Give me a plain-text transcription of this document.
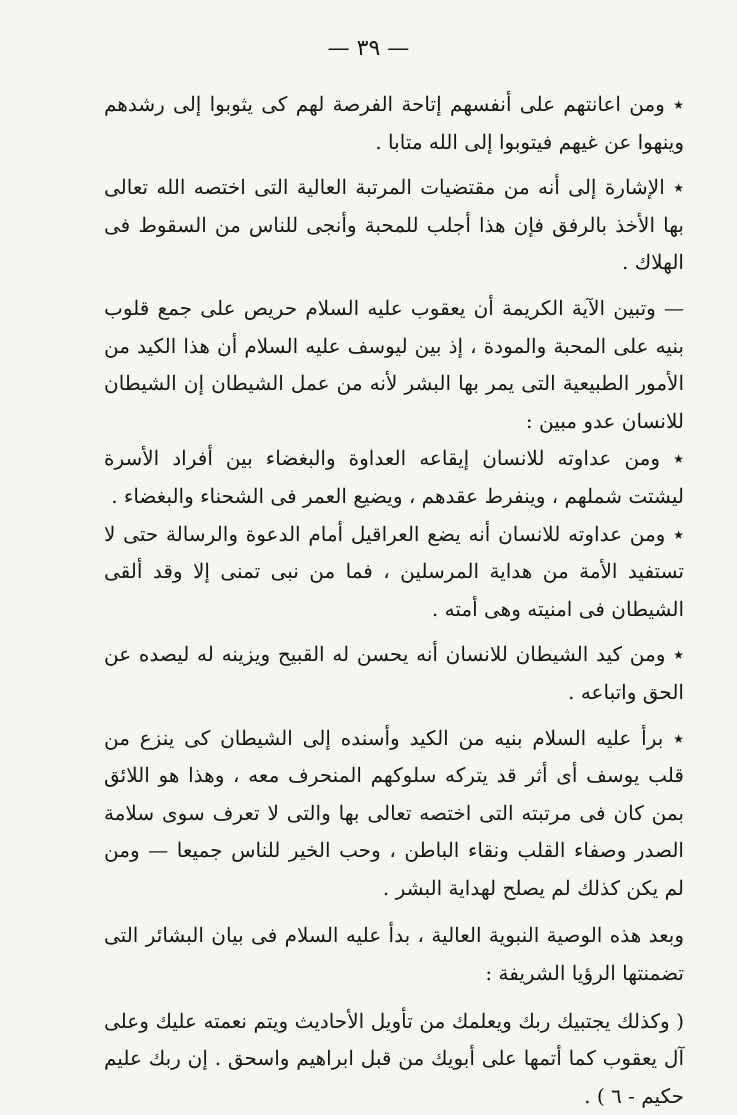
— ٣٩ —

٭ ومن اعانتهم على أنفسهم إتاحة الفرصة لهم كى يثوبوا إلى رشدهم وينهوا عن غيهم فيتوبوا إلى الله متابا .

٭ الإشارة إلى أنه من مقتضيات المرتبة العالية التى اختصه الله تعالى بها الأخذ بالرفق فإن هذا أجلب للمحبة وأنجى للناس من السقوط فى الهلاك .

— وتبين الآية الكريمة أن يعقوب عليه السلام حريص على جمع قلوب بنيه على المحبة والمودة ، إذ بين ليوسف عليه السلام أن هذا الكيد من الأمور الطبيعية التى يمر بها البشر لأنه من عمل الشيطان إن الشيطان للانسان عدو مبين :

٭ ومن عداوته للانسان إيقاعه العداوة والبغضاء بين أفراد الأسرة ليشتت شملهم ، وينفرط عقدهم ، ويضيع العمر فى الشحناء والبغضاء .

٭ ومن عداوته للانسان أنه يضع العراقيل أمام الدعوة والرسالة حتى لا تستفيد الأمة من هداية المرسلين ، فما من نبى تمنى إلا وقد ألقى الشيطان فى امنيته وهى أمته .

٭ ومن كيد الشيطان للانسان أنه يحسن له القبيح ويزينه له ليصده عن الحق واتباعه .

٭ برأ عليه السلام بنيه من الكيد وأسنده إلى الشيطان كى ينزع من قلب يوسف أى أثر قد يتركه سلوكهم المنحرف معه ، وهذا هو اللائق بمن كان فى مرتبته التى اختصه تعالى بها والتى لا تعرف سوى سلامة الصدر وصفاء القلب ونقاء الباطن ، وحب الخير للناس جميعا — ومن لم يكن كذلك لم يصلح لهداية البشر .

وبعد هذه الوصية النبوية العالية ، بدأ عليه السلام فى بيان البشائر التى تضمنتها الرؤيا الشريفة :

( وكذلك يجتبيك ربك ويعلمك من تأويل الأحاديث ويتم نعمته عليك وعلى آل يعقوب كما أتمها على أبويك من قبل ابراهيم واسحق . إن ربك عليم حكيم - ٦ ) .
